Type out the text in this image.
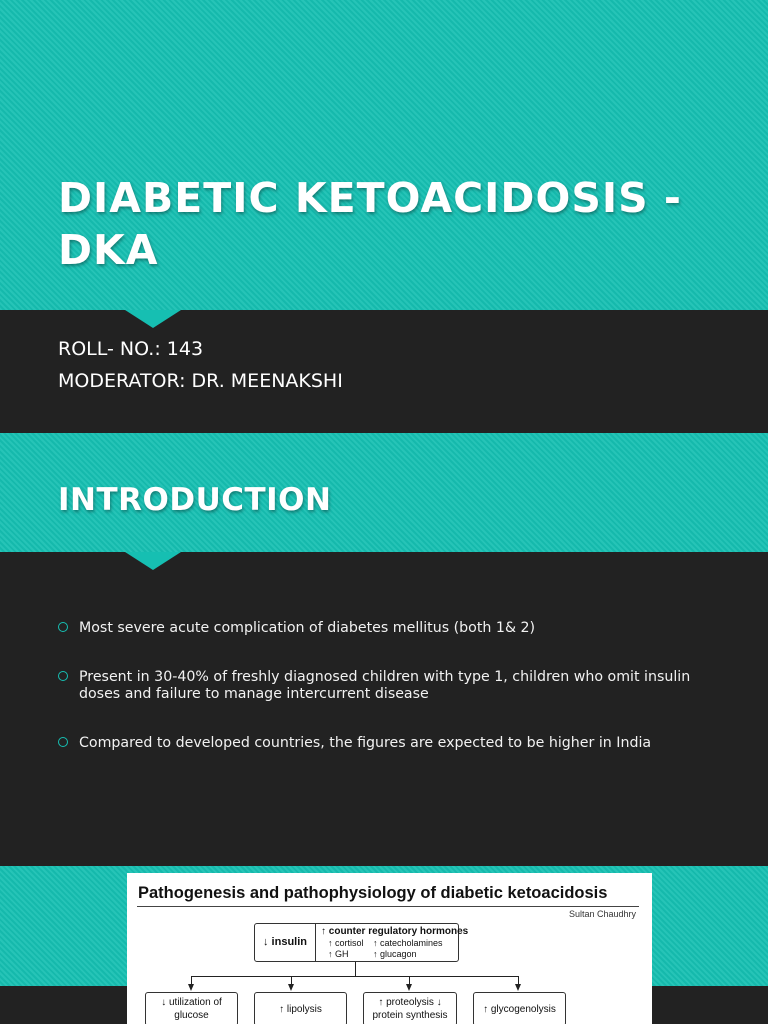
DIABETIC KETOACIDOSIS - DKA
ROLL- NO.: 143
MODERATOR: DR. MEENAKSHI
INTRODUCTION
Most severe acute complication of diabetes mellitus (both 1& 2)
Present in 30-40% of freshly diagnosed children with type 1, children who omit insulin doses and failure to manage intercurrent disease
Compared to developed countries, the figures are expected to be higher in India
Pathogenesis and pathophysiology of diabetic ketoacidosis
Sultan Chaudhry
↓ insulin
↑ counter regulatory hormones
↑ cortisol ↑ catecholamines
↑ GH	↑ glucagon
↓ utilization of glucose
↑ lipolysis
↑ proteolysis ↓ protein synthesis
↑ glycogenolysis
